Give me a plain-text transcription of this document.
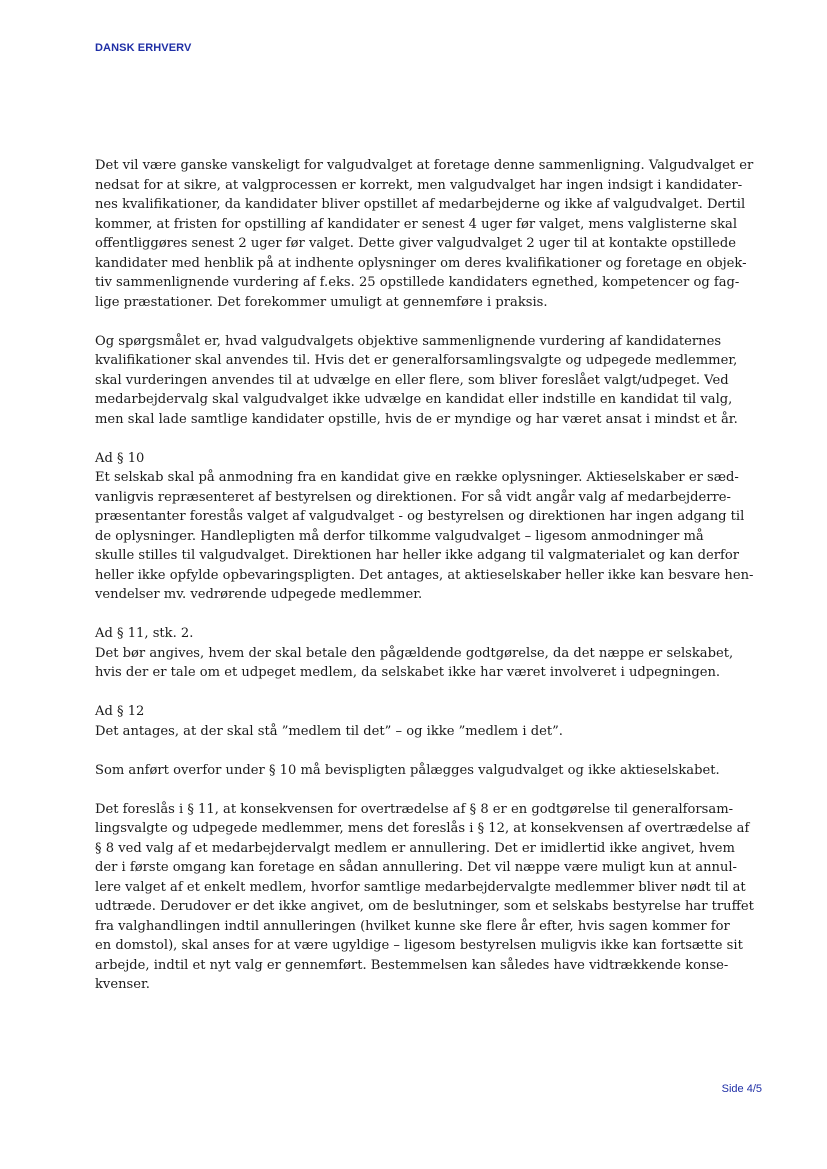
DANSK ERHVERV
Det vil være ganske vanskeligt for valgudvalget at foretage denne sammenligning. Valgudvalget er
nedsat for at sikre, at valgprocessen er korrekt, men valgudvalget har ingen indsigt i kandidater-
nes kvalifikationer, da kandidater bliver opstillet af medarbejderne og ikke af valgudvalget. Dertil
kommer, at fristen for opstilling af kandidater er senest 4 uger før valget, mens valglisterne skal
offentliggøres senest 2 uger før valget. Dette giver valgudvalget 2 uger til at kontakte opstillede
kandidater med henblik på at indhente oplysninger om deres kvalifikationer og foretage en objek-
tiv sammenlignende vurdering af f.eks. 25 opstillede kandidaters egnethed, kompetencer og fag-
lige præstationer. Det forekommer umuligt at gennemføre i praksis.
Og spørgsmålet er, hvad valgudvalgets objektive sammenlignende vurdering af kandidaternes
kvalifikationer skal anvendes til. Hvis det er generalforsamlingsvalgte og udpegede medlemmer,
skal vurderingen anvendes til at udvælge en eller flere, som bliver foreslået valgt/udpeget. Ved
medarbejdervalg skal valgudvalget ikke udvælge en kandidat eller indstille en kandidat til valg,
men skal lade samtlige kandidater opstille, hvis de er myndige og har været ansat i mindst et år.
Ad § 10
Et selskab skal på anmodning fra en kandidat give en række oplysninger. Aktieselskaber er sæd-
vanligvis repræsenteret af bestyrelsen og direktionen. For så vidt angår valg af medarbejderre-
præsentanter forestås valget af valgudvalget - og bestyrelsen og direktionen har ingen adgang til
de oplysninger. Handlepligten må derfor tilkomme valgudvalget – ligesom anmodninger må
skulle stilles til valgudvalget. Direktionen har heller ikke adgang til valgmaterialet og kan derfor
heller ikke opfylde opbevaringspligten. Det antages, at aktieselskaber heller ikke kan besvare hen-
vendelser mv. vedrørende udpegede medlemmer.
Ad § 11, stk. 2.
Det bør angives, hvem der skal betale den pågældende godtgørelse, da det næppe er selskabet,
hvis der er tale om et udpeget medlem, da selskabet ikke har været involveret i udpegningen.
Ad § 12
Det antages, at der skal stå ”medlem til det” – og ikke ”medlem i det”.
Som anført overfor under § 10 må bevispligten pålægges valgudvalget og ikke aktieselskabet.
Det foreslås i § 11, at konsekvensen for overtrædelse af § 8 er en godtgørelse til generalforsam-
lingsvalgte og udpegede medlemmer, mens det foreslås i § 12, at konsekvensen af overtrædelse af
§ 8 ved valg af et medarbejdervalgt medlem er annullering. Det er imidlertid ikke angivet, hvem
der i første omgang kan foretage en sådan annullering. Det vil næppe være muligt kun at annul-
lere valget af et enkelt medlem, hvorfor samtlige medarbejdervalgte medlemmer bliver nødt til at
udtræde. Derudover er det ikke angivet, om de beslutninger, som et selskabs bestyrelse har truffet
fra valghandlingen indtil annulleringen (hvilket kunne ske flere år efter, hvis sagen kommer for
en domstol), skal anses for at være ugyldige – ligesom bestyrelsen muligvis ikke kan fortsætte sit
arbejde, indtil et nyt valg er gennemført. Bestemmelsen kan således have vidtrækkende konse-
kvenser.
Side 4/5
